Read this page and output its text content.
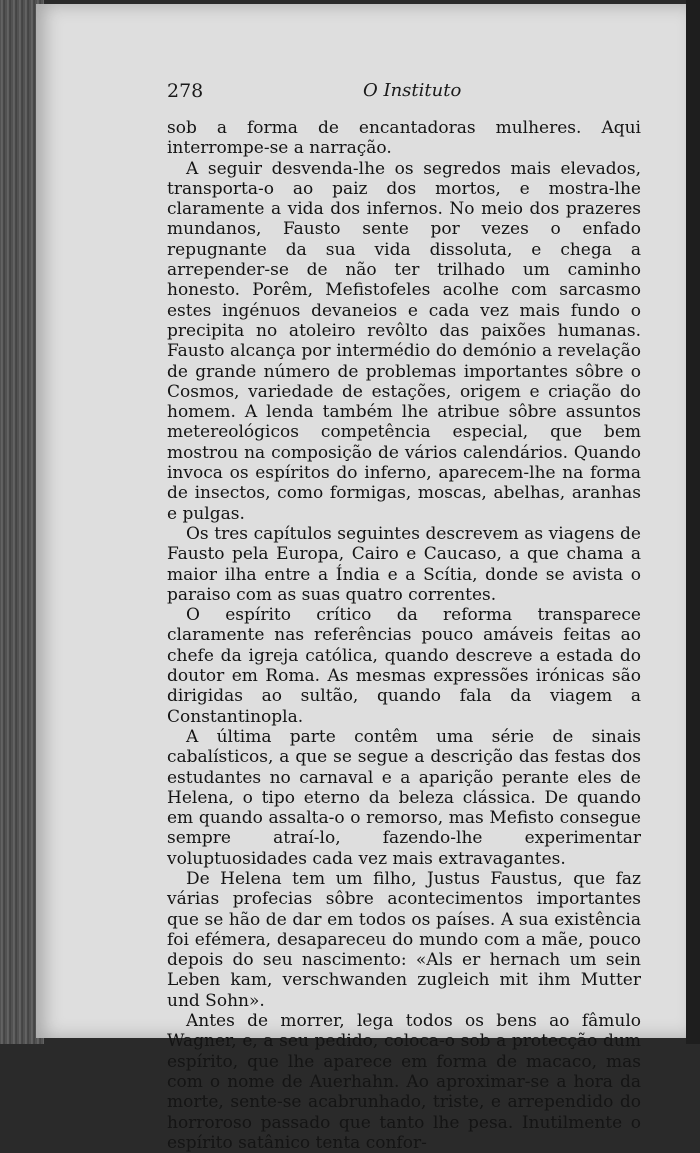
278	O Instituto

sob a forma de encantadoras mulheres. Aqui interrompe-se a narração.

A seguir desvenda-lhe os segredos mais elevados, transporta-o ao paiz dos mortos, e mostra-lhe claramente a vida dos infernos. No meio dos prazeres mundanos, Fausto sente por vezes o enfado repugnante da sua vida dissoluta, e chega a arrepender-se de não ter trilhado um caminho honesto. Porêm, Mefistofeles acolhe com sarcasmo estes ingénuos devaneios e cada vez mais fundo o precipita no atoleiro revôlto das paixões humanas. Fausto alcança por intermédio do demónio a revelação de grande número de problemas importantes sôbre o Cosmos, variedade de estações, origem e criação do homem. A lenda também lhe atribue sôbre assuntos metereológicos competência especial, que bem mostrou na composição de vários calendários. Quando invoca os espíritos do inferno, aparecem-lhe na forma de insectos, como formigas, moscas, abelhas, aranhas e pulgas.

Os tres capítulos seguintes descrevem as viagens de Fausto pela Europa, Cairo e Caucaso, a que chama a maior ilha entre a Índia e a Scítia, donde se avista o paraiso com as suas quatro correntes.

O espírito crítico da reforma transparece claramente nas referências pouco amáveis feitas ao chefe da igreja católica, quando descreve a estada do doutor em Roma. As mesmas expressões irónicas são dirigidas ao sultão, quando fala da viagem a Constantinopla.

A última parte contêm uma série de sinais cabalísticos, a que se segue a descrição das festas dos estudantes no carnaval e a aparição perante eles de Helena, o tipo eterno da beleza clássica. De quando em quando assalta-o o remorso, mas Mefisto consegue sempre atraí-lo, fazendo-lhe experimentar voluptuosidades cada vez mais extravagantes.

De Helena tem um filho, Justus Faustus, que faz várias profecias sôbre acontecimentos importantes que se hão de dar em todos os países. A sua existência foi efémera, desapareceu do mundo com a mãe, pouco depois do seu nascimento: «Als er hernach um sein Leben kam, verschwanden zugleich mit ihm Mutter und Sohn».

Antes de morrer, lega todos os bens ao fâmulo Wagner, e, a seu pedido, coloca-o sob a protecção dum espírito, que lhe aparece em forma de macaco, mas com o nome de Auerhahn. Ao aproximar-se a hora da morte, sente-se acabrunhado, triste, e arrependido do horroroso passado que tanto lhe pesa. Inutilmente o espírito satânico tenta confor-
